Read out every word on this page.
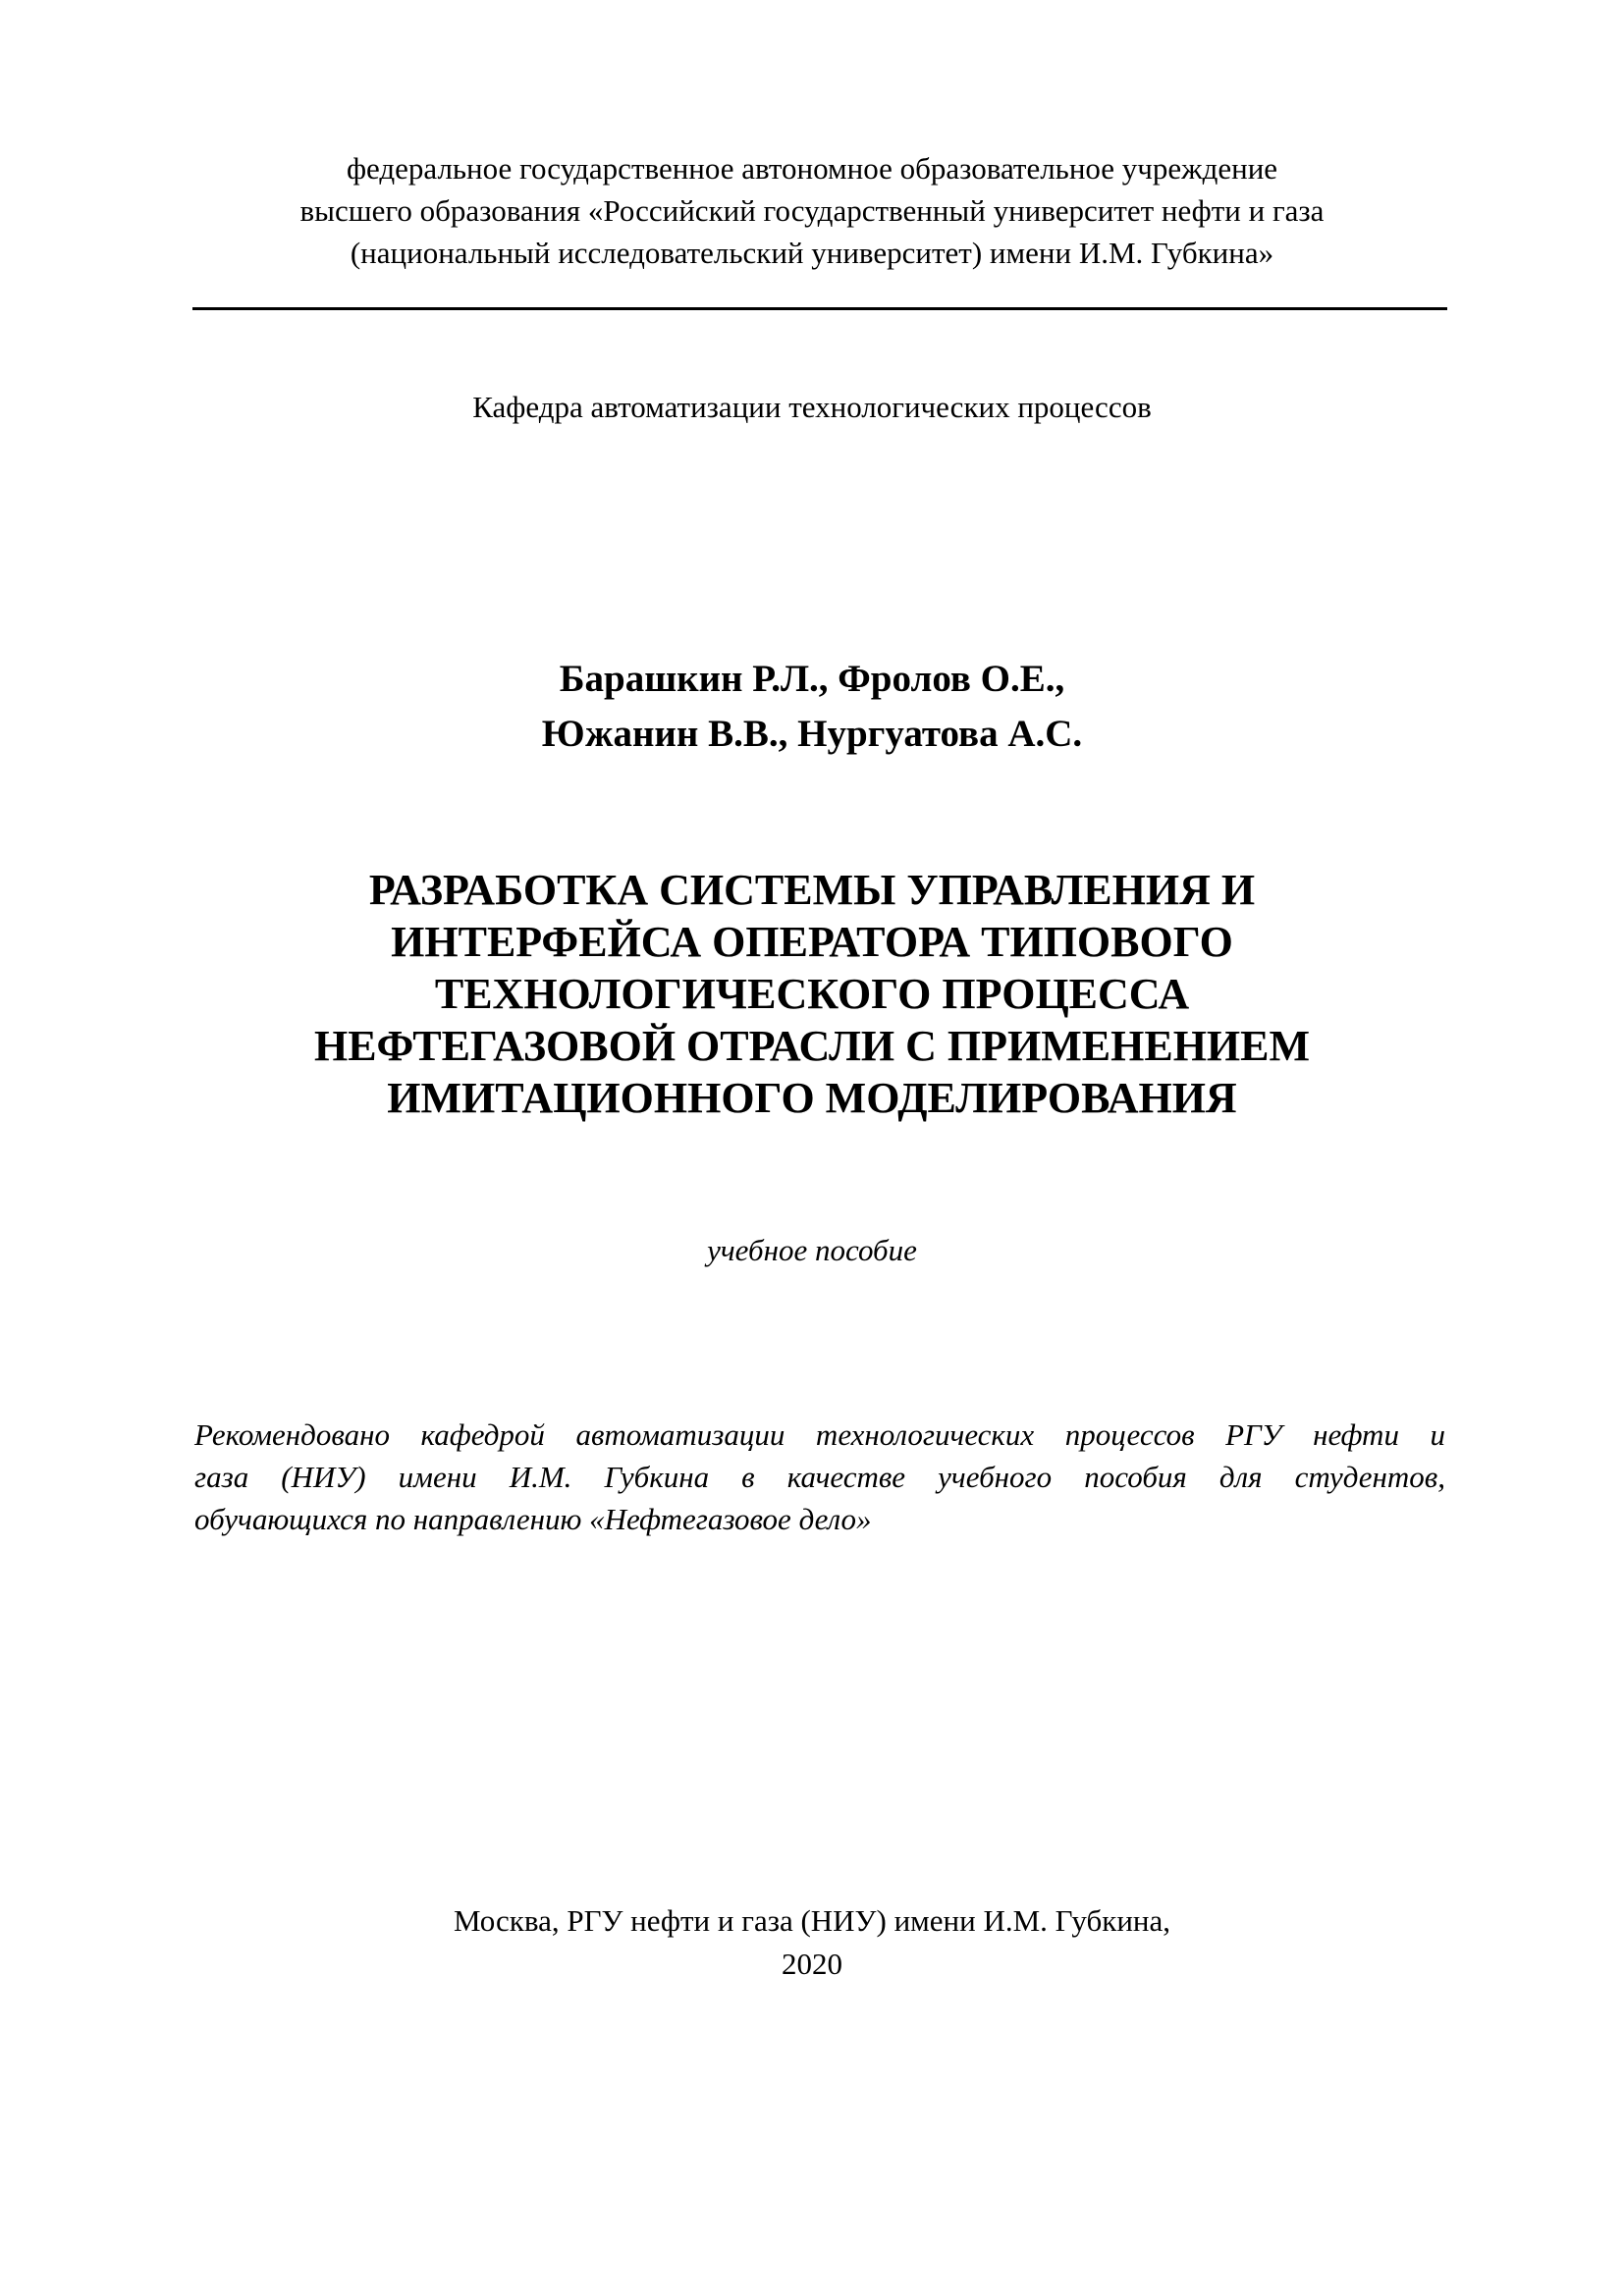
федеральное государственное автономное образовательное учреждение
высшего образования «Российский государственный университет нефти и газа
(национальный исследовательский университет) имени И.М. Губкина»
Кафедра автоматизации технологических процессов
Барашкин Р.Л., Фролов О.Е.,
Южанин В.В., Нургуатова А.С.
РАЗРАБОТКА СИСТЕМЫ УПРАВЛЕНИЯ И
ИНТЕРФЕЙСА ОПЕРАТОРА ТИПОВОГО
ТЕХНОЛОГИЧЕСКОГО ПРОЦЕССА
НЕФТЕГАЗОВОЙ ОТРАСЛИ С ПРИМЕНЕНИЕМ
ИМИТАЦИОННОГО МОДЕЛИРОВАНИЯ
учебное пособие
Рекомендовано кафедрой автоматизации технологических процессов РГУ нефти и
газа (НИУ) имени И.М. Губкина в качестве учебного пособия для студентов,
обучающихся по направлению «Нефтегазовое дело»
Москва, РГУ нефти и газа (НИУ) имени И.М. Губкина,
2020
